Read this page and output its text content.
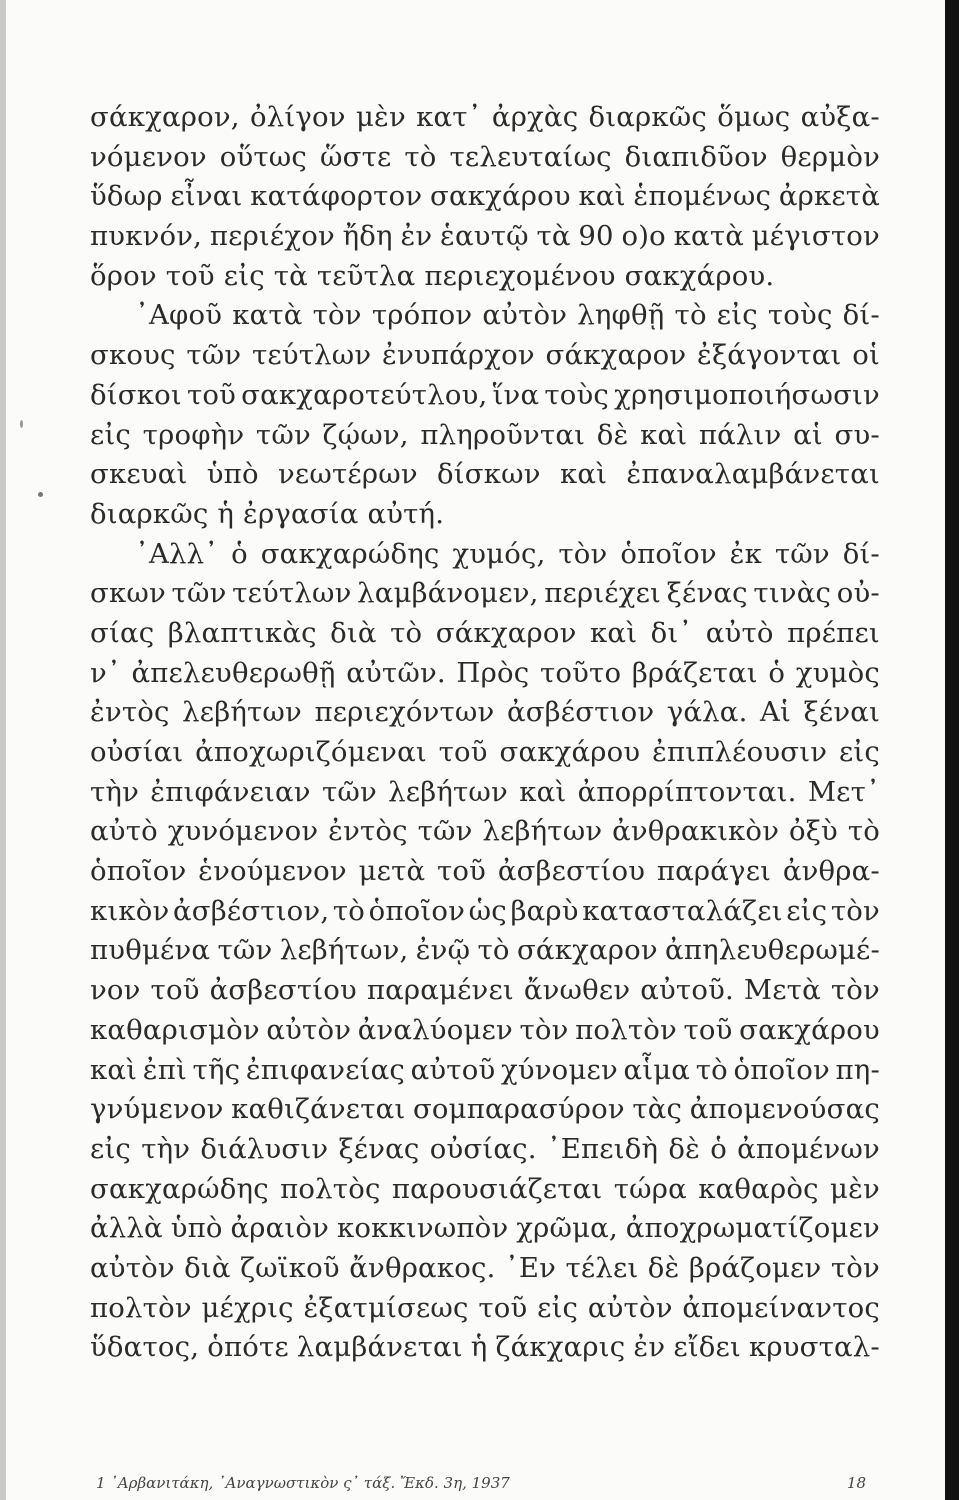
σάκχαρον, ὀλίγον μὲν κατ᾽ ἀρχὰς διαρκῶς ὅμως αὐξα-
νόμενον οὕτως ὥστε τὸ τελευταίως διαπιδῦον θερμὸν
ὕδωρ εἶναι κατάφορτον σακχάρου καὶ ἑπομένως ἀρκετὰ
πυκνόν, περιέχον ἤδη ἐν ἑαυτῷ τὰ 90 ο)ο κατὰ μέγιστον
ὅρον τοῦ εἰς τὰ τεῦτλα περιεχομένου σακχάρου.
᾿Αφοῦ κατὰ τὸν τρόπον αὐτὸν ληφθῇ τὸ εἰς τοὺς δί-
σκους τῶν τεύτλων ἐνυπάρχον σάκχαρον ἐξάγονται οἱ
δίσκοι τοῦ σακχαροτεύτλου, ἵνα τοὺς χρησιμοποιήσωσιν
εἰς τροφὴν τῶν ζῴων, πληροῦνται δὲ καὶ πάλιν αἱ συ-
σκευαὶ ὑπὸ νεωτέρων δίσκων καὶ ἐπαναλαμβάνεται
διαρκῶς ἡ ἐργασία αὐτή.
᾿Αλλ᾽ ὁ σακχαρώδης χυμός, τὸν ὁποῖον ἐκ τῶν δί-
σκων τῶν τεύτλων λαμβάνομεν, περιέχει ξένας τινὰς οὐ-
σίας βλαπτικὰς διὰ τὸ σάκχαρον καὶ δι᾽ αὐτὸ πρέπει
ν᾽ ἀπελευθερωθῇ αὐτῶν. Πρὸς τοῦτο βράζεται ὁ χυμὸς
ἐντὸς λεβήτων περιεχόντων ἀσβέστιον γάλα. Αἱ ξέναι
οὐσίαι ἀποχωριζόμεναι τοῦ σακχάρου ἐπιπλέουσιν εἰς
τὴν ἐπιφάνειαν τῶν λεβήτων καὶ ἀπορρίπτονται. Μετ᾽
αὐτὸ χυνόμενον ἐντὸς τῶν λεβήτων ἀνθρακικὸν ὀξὺ τὸ
ὁποῖον ἑνούμενον μετὰ τοῦ ἀσβεστίου παράγει ἀνθρα-
κικὸν ἀσβέστιον, τὸ ὁποῖον ὡς βαρὺ κατασταλάζει εἰς τὸν
πυθμένα τῶν λεβήτων, ἐνῷ τὸ σάκχαρον ἀπηλευθερωμέ-
νον τοῦ ἀσβεστίου παραμένει ἄνωθεν αὐτοῦ. Μετὰ τὸν
καθαρισμὸν αὐτὸν ἀναλύομεν τὸν πολτὸν τοῦ σακχάρου
καὶ ἐπὶ τῆς ἐπιφανείας αὐτοῦ χύνομεν αἷμα τὸ ὁποῖον πη-
γνύμενον καθιζάνεται σομπαρασύρον τὰς ἀπομενούσας
εἰς τὴν διάλυσιν ξένας οὐσίας. ᾿Επειδὴ δὲ ὁ ἀπομένων
σακχαρώδης πολτὸς παρουσιάζεται τώρα καθαρὸς μὲν
ἀλλὰ ὑπὸ ἀραιὸν κοκκινωπὸν χρῶμα, ἀποχρωματίζομεν
αὐτὸν διὰ ζωϊκοῦ ἄνθρακος. ᾿Εν τέλει δὲ βράζομεν τὸν
πολτὸν μέχρις ἐξατμίσεως τοῦ εἰς αὐτὸν ἀπομείναντος
ὕδατος, ὁπότε λαμβάνεται ἡ ζάκχαρις ἐν εἴδει κρυσταλ-
1 ᾿Αρβανιτάκη, ᾿Αναγνωστικὸν ς᾽ τάξ. Ἔκδ. 3η, 1937	18
